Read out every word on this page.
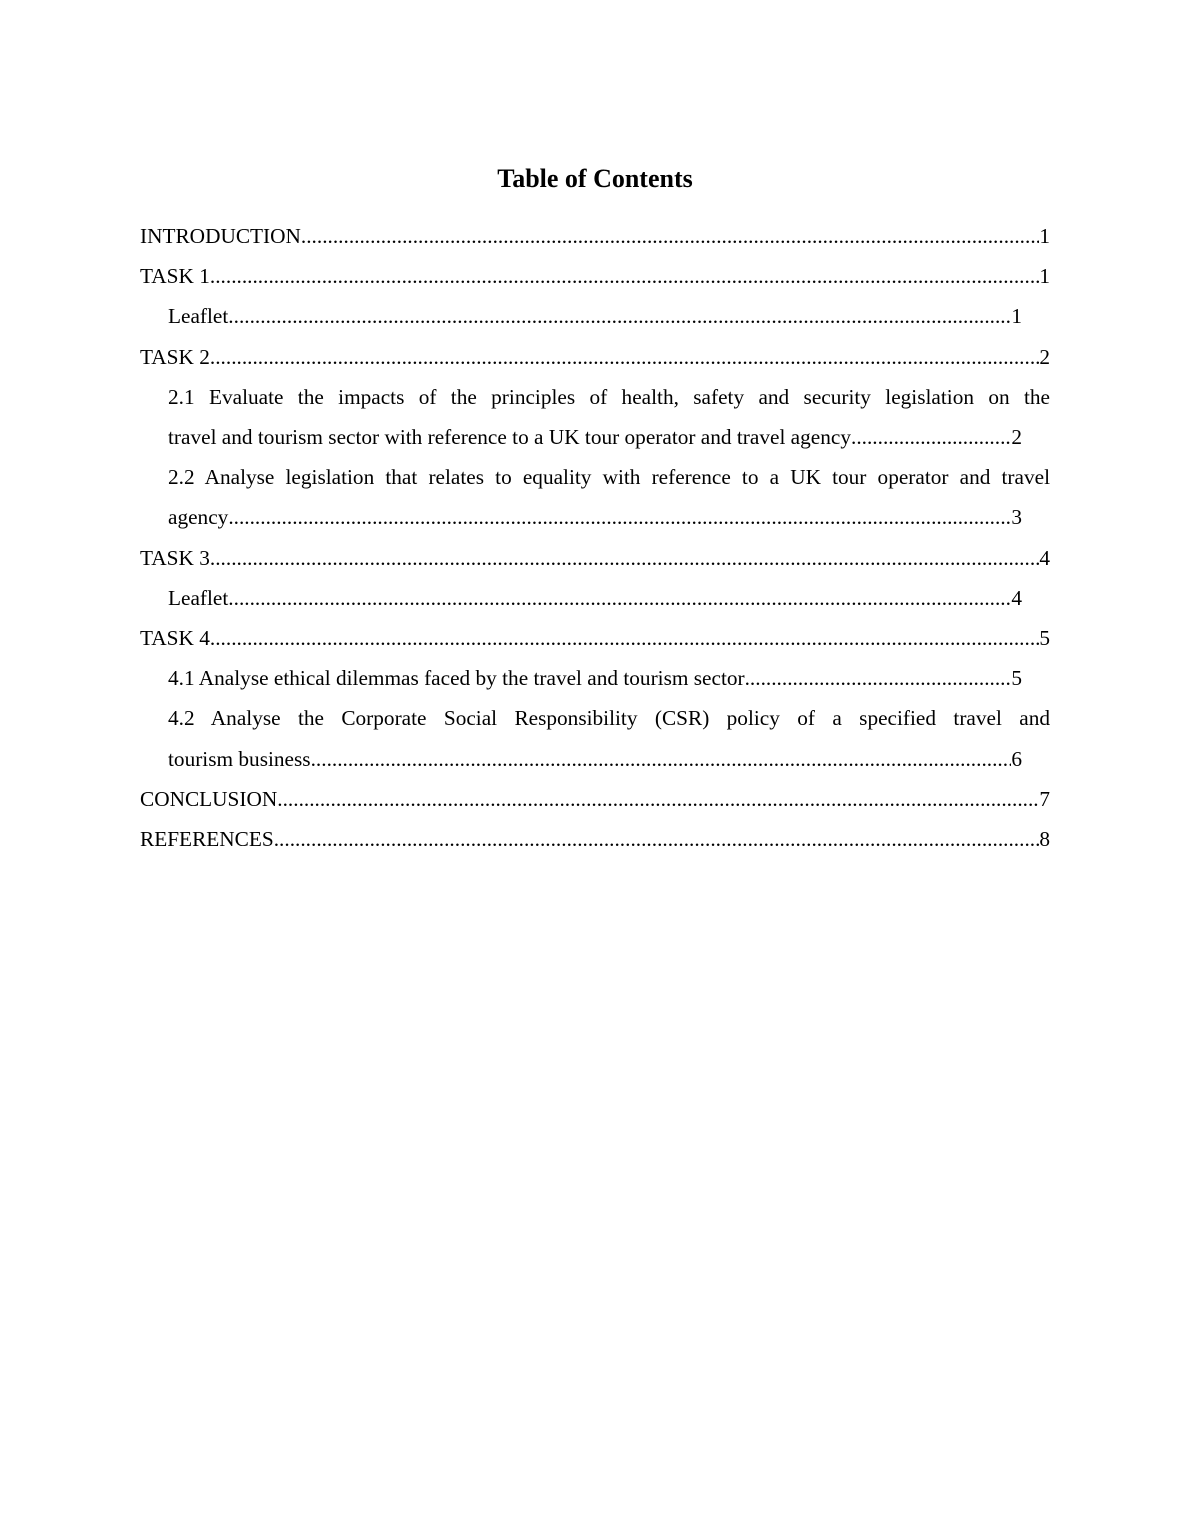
Table of Contents
INTRODUCTION .....	1
TASK 1 .....	1
Leaflet .....	1
TASK 2 .....	2
2.1 Evaluate the impacts of the principles of health, safety and security legislation on the
travel and tourism sector with reference to a UK tour operator and travel agency .....	2
2.2 Analyse legislation that relates to equality with reference to a UK tour operator and travel
agency .....	3
TASK 3 .....	4
Leaflet .....	4
TASK 4 .....	5
4.1 Analyse ethical dilemmas faced by the travel and tourism sector .....	5
4.2 Analyse the Corporate Social Responsibility (CSR) policy of a specified travel and
tourism business .....	6
CONCLUSION .....	7
REFERENCES .....	8
